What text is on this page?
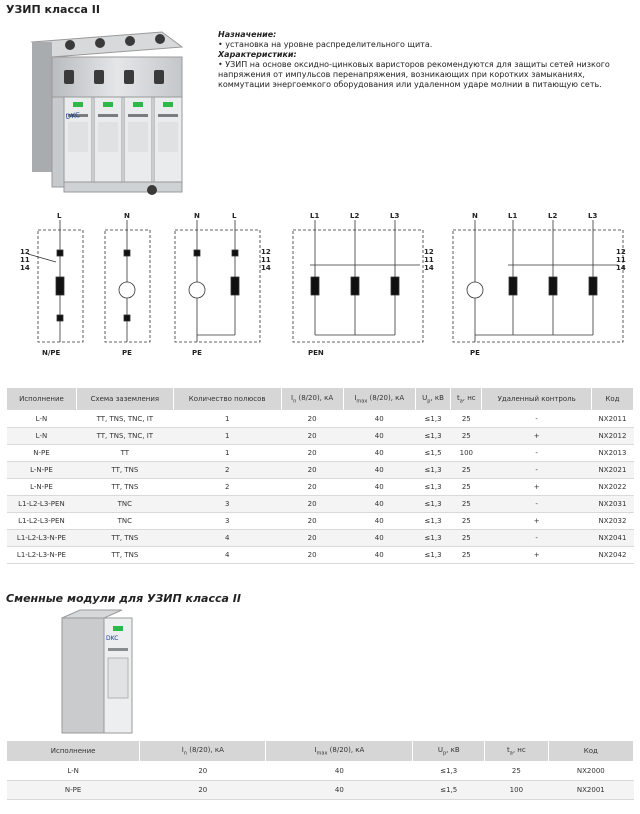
УЗИП класса II
DKC

Назначение:

• установка на уровне распределительного щита.

Характеристики:

• УЗИП на основе оксидно-цинковых варисторов рекомендуются для защиты сетей низкого напряжения от импульсов перенапряжения, возникающих при коротких замыканиях, коммутации энергоемкого оборудования или удаленном ударе молнии в питающую сеть.

L
N/PE
12
11
14
N
PE
N	L
PE
12
11
14
L1	L2	L3
PEN
12
11
14
N	L1	L2	L3
PE
12
11
14
Исполнение	Схема заземления	Количество полюсов	$I_n$ (8/20), кА	$I_{max}$ (8/20), кА	$U_p$, кВ	$t_a$, нс	Удаленный контроль	Код
L-N	TT, TNS, TNC, IT	1	20	40	≤1,3	25	-	NX2011
L-N	TT, TNS, TNC, IT	1	20	40	≤1,3	25	+	NX2012
N-PE	TT	1	20	40	≤1,5	100	-	NX2013
L-N-PE	TT, TNS	2	20	40	≤1,3	25	-	NX2021
L-N-PE	TT, TNS	2	20	40	≤1,3	25	+	NX2022
L1-L2-L3-PEN	TNC	3	20	40	≤1,3	25	-	NX2031
L1-L2-L3-PEN	TNC	3	20	40	≤1,3	25	+	NX2032
L1-L2-L3-N-PE	TT, TNS	4	20	40	≤1,3	25	-	NX2041
L1-L2-L3-N-PE	TT, TNS	4	20	40	≤1,3	25	+	NX2042
Сменные модули для УЗИП класса II
DKC
Исполнение	$I_n$ (8/20), кА	$I_{max}$ (8/20), кА	$U_p$, кВ	$t_a$, нс	Код
L-N	20	40	≤1,3	25	NX2000
N-PE	20	40	≤1,5	100	NX2001
